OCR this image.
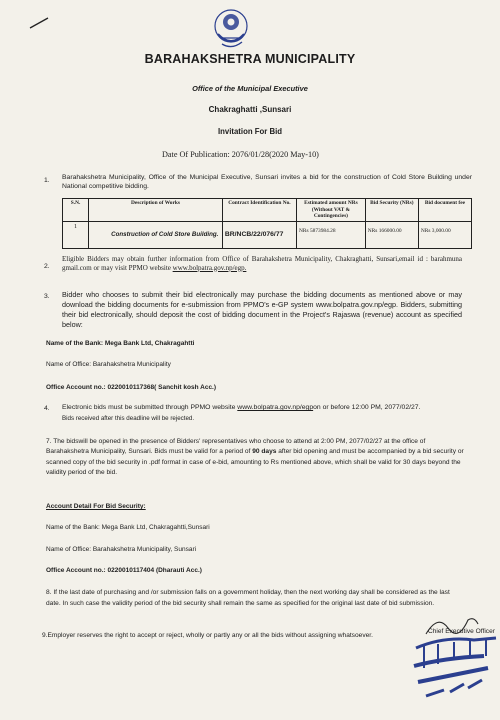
BARAHAKSHETRA MUNICIPALITY
Office of the Municipal Executive
Chakraghatti ,Sunsari
Invitation For Bid
Date Of Publication: 2076/01/28(2020 May-10)
1. Barahakshetra Municipality, Office of the Municipal Executive, Sunsari invites a bid for the construction of Cold Store Building under National competitive bidding.
S.N.	Description of Works	Contract Identification No.	Estimated amount NRs (Without VAT & Contingencies)	Bid Security (NRs)	Bid document fee
1	Construction of Cold Store Building.	BR/NCB/22/076/77	NRs 5873984.28	NRs 166000.00	NRs 3,000.00
2.
Eligible Bidders may obtain further information from Office of Barahakshetra Municipality, Chakraghatti, Sunsari,email id : barahmuna gmail.com or may visit PPMO website www.bolpatra.gov.np/egp.
3. Bidder who chooses to submit their bid electronically may purchase the bidding documents as mentioned above or may download the bidding documents for e-submission from PPMO's e-GP system www.bolpatra.gov.np/egp. Bidders, submitting their bid electronically, should deposit the cost of bidding document in the Project's Rajaswa (revenue) account as specified below:
Name of the Bank: Mega Bank Ltd, Chakragahtti
Name of Office: Barahakshetra Municipality
Office Account no.: 0220010117368( Sanchit kosh Acc.)
4. Electronic bids must be submitted through PPMO website www.bolpatra.gov.np/egpon or before 12:00 PM, 2077/02/27.
Bids received after this deadline will be rejected.
7. The bidswill be opened in the presence of Bidders' representatives who choose to attend at 2:00 PM, 2077/02/27 at the office of Barahakshetra Municipality, Sunsari. Bids must be valid for a period of 90 days after bid opening and must be accompanied by a bid security or scanned copy of the bid security in .pdf format in case of e-bid, amounting to Rs mentioned above, which shall be valid for 30 days beyond the validity period of the bid.
Account Detail For Bid Security:
Name of the Bank: Mega Bank Ltd, Chakragahtti,Sunsari
Name of Office: Barahakshetra Municipality, Sunsari
Office Account no.: 0220010117404 (Dharauti Acc.)
8. If the last date of purchasing and /or submission falls on a government holiday, then the next working day shall be considered as the last date. In such case the validity period of the bid security shall remain the same as specified for the original last date of bid submission.
9.Employer reserves the right to accept or reject, wholly or partly any or all the bids without assigning whatsoever.
Chief Executive Officer
